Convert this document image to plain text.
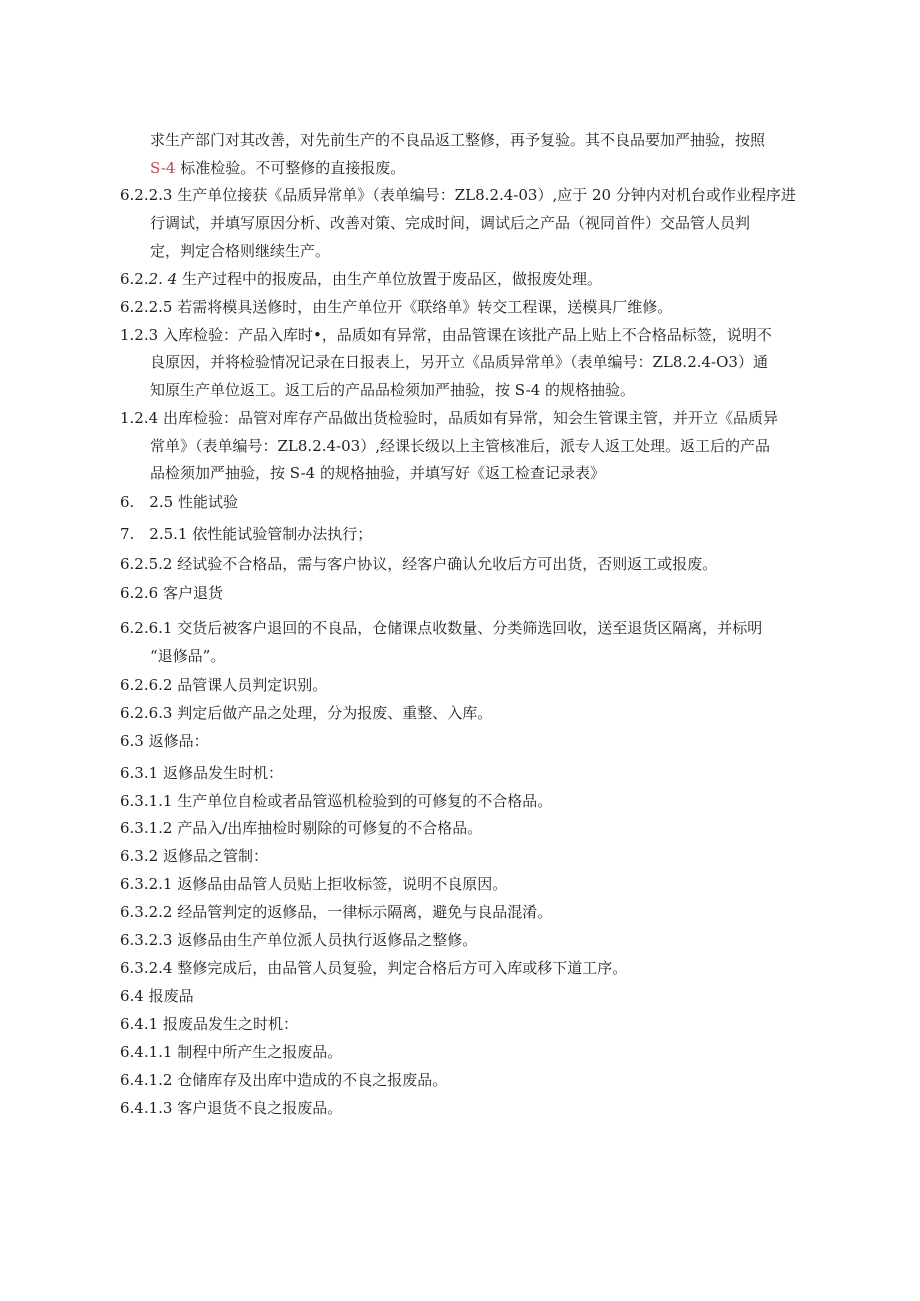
求生产部门对其改善，对先前生产的不良品返工整修，再予复验。其不良品要加严抽验，按照
S-4 标准检验。不可整修的直接报废。
6.2.2.3 生产单位接获《品质异常单》（表单编号：ZL8.2.4-03）,应于 20 分钟内对机台或作业程序进
行调试，并填写原因分析、改善对策、完成时间，调试后之产品（视同首件）交品管人员判
定，判定合格则继续生产。
6.2.2. 4 生产过程中的报废品，由生产单位放置于废品区，做报废处理。
6.2.2.5 若需将模具送修时，由生产单位开《联络单》转交工程课，送模具厂维修。
1.2.3 入库检验：产品入库时•，品质如有异常，由品管课在该批产品上贴上不合格品标签，说明不
良原因，并将检验情况记录在日报表上，另开立《品质异常单》（表单编号：ZL8.2.4-O3）通
知原生产单位返工。返工后的产品品检须加严抽验，按 S-4 的规格抽验。
1.2.4 出库检验：品管对库存产品做出货检验时，品质如有异常，知会生管课主管，并开立《品质异
常单》（表单编号：ZL8.2.4-03）,经课长级以上主管核准后，派专人返工处理。返工后的产品
品检须加严抽验，按 S-4 的规格抽验，并填写好《返工检查记录表》
6.　2.5 性能试验
7.　2.5.1 依性能试验管制办法执行；
6.2.5.2 经试验不合格品，需与客户协议，经客户确认允收后方可出货，否则返工或报废。
6.2.6 客户退货
6.2.6.1 交货后被客户退回的不良品，仓储课点收数量、分类筛选回收，送至退货区隔离，并标明
“退修品”。
6.2.6.2 品管课人员判定识别。
6.2.6.3 判定后做产品之处理，分为报废、重整、入库。
6.3 返修品：
6.3.1 返修品发生时机：
6.3.1.1 生产单位自检或者品管巡机检验到的可修复的不合格品。
6.3.1.2 产品入/出库抽检时剔除的可修复的不合格品。
6.3.2 返修品之管制：
6.3.2.1 返修品由品管人员贴上拒收标签，说明不良原因。
6.3.2.2 经品管判定的返修品，一律标示隔离，避免与良品混淆。
6.3.2.3 返修品由生产单位派人员执行返修品之整修。
6.3.2.4 整修完成后，由品管人员复验，判定合格后方可入库或移下道工序。
6.4 报废品
6.4.1 报废品发生之时机：
6.4.1.1 制程中所产生之报废品。
6.4.1.2 仓储库存及出库中造成的不良之报废品。
6.4.1.3 客户退货不良之报废品。
